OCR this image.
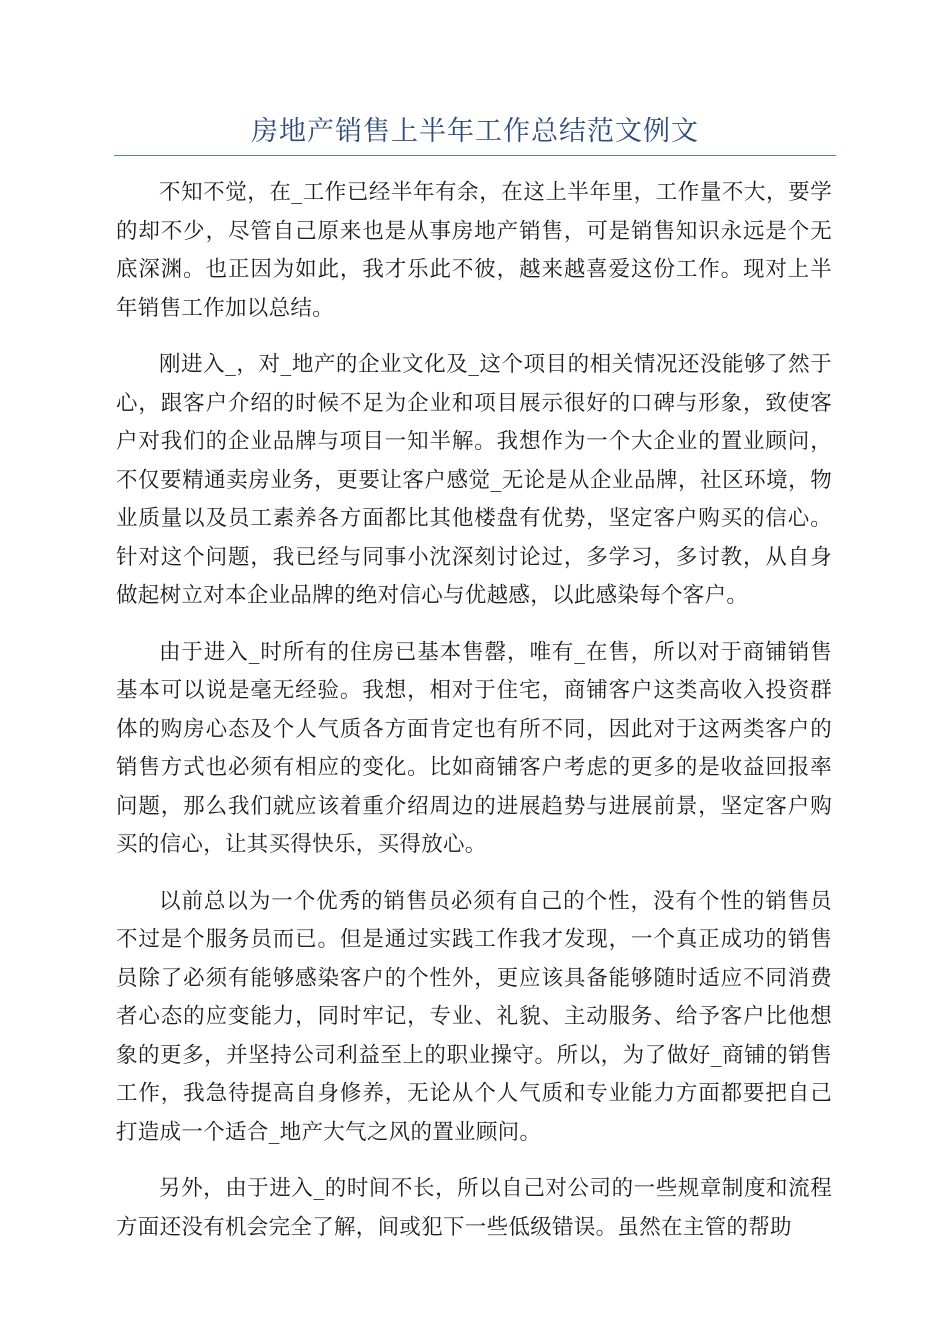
房地产销售上半年工作总结范文例文

不知不觉，在_工作已经半年有余，在这上半年里，工作量不大，要学的却不少，尽管自己原来也是从事房地产销售，可是销售知识永远是个无底深渊。也正因为如此，我才乐此不彼，越来越喜爱这份工作。现对上半年销售工作加以总结。

刚进入_，对_地产的企业文化及_这个项目的相关情况还没能够了然于心，跟客户介绍的时候不足为企业和项目展示很好的口碑与形象，致使客户对我们的企业品牌与项目一知半解。我想作为一个大企业的置业顾问，不仅要精通卖房业务，更要让客户感觉_无论是从企业品牌，社区环境，物业质量以及员工素养各方面都比其他楼盘有优势，坚定客户购买的信心。针对这个问题，我已经与同事小沈深刻讨论过，多学习，多讨教，从自身做起树立对本企业品牌的绝对信心与优越感，以此感染每个客户。

由于进入_时所有的住房已基本售罄，唯有_在售，所以对于商铺销售基本可以说是毫无经验。我想，相对于住宅，商铺客户这类高收入投资群体的购房心态及个人气质各方面肯定也有所不同，因此对于这两类客户的销售方式也必须有相应的变化。比如商铺客户考虑的更多的是收益回报率问题，那么我们就应该着重介绍周边的进展趋势与进展前景，坚定客户购买的信心，让其买得快乐，买得放心。

以前总以为一个优秀的销售员必须有自己的个性，没有个性的销售员不过是个服务员而已。但是通过实践工作我才发现，一个真正成功的销售员除了必须有能够感染客户的个性外，更应该具备能够随时适应不同消费者心态的应变能力，同时牢记，专业、礼貌、主动服务、给予客户比他想象的更多，并坚持公司利益至上的职业操守。所以，为了做好_商铺的销售工作，我急待提高自身修养，无论从个人气质和专业能力方面都要把自己打造成一个适合_地产大气之风的置业顾问。

另外，由于进入_的时间不长，所以自己对公司的一些规章制度和流程方面还没有机会完全了解，间或犯下一些低级错误。虽然在主管的帮助
